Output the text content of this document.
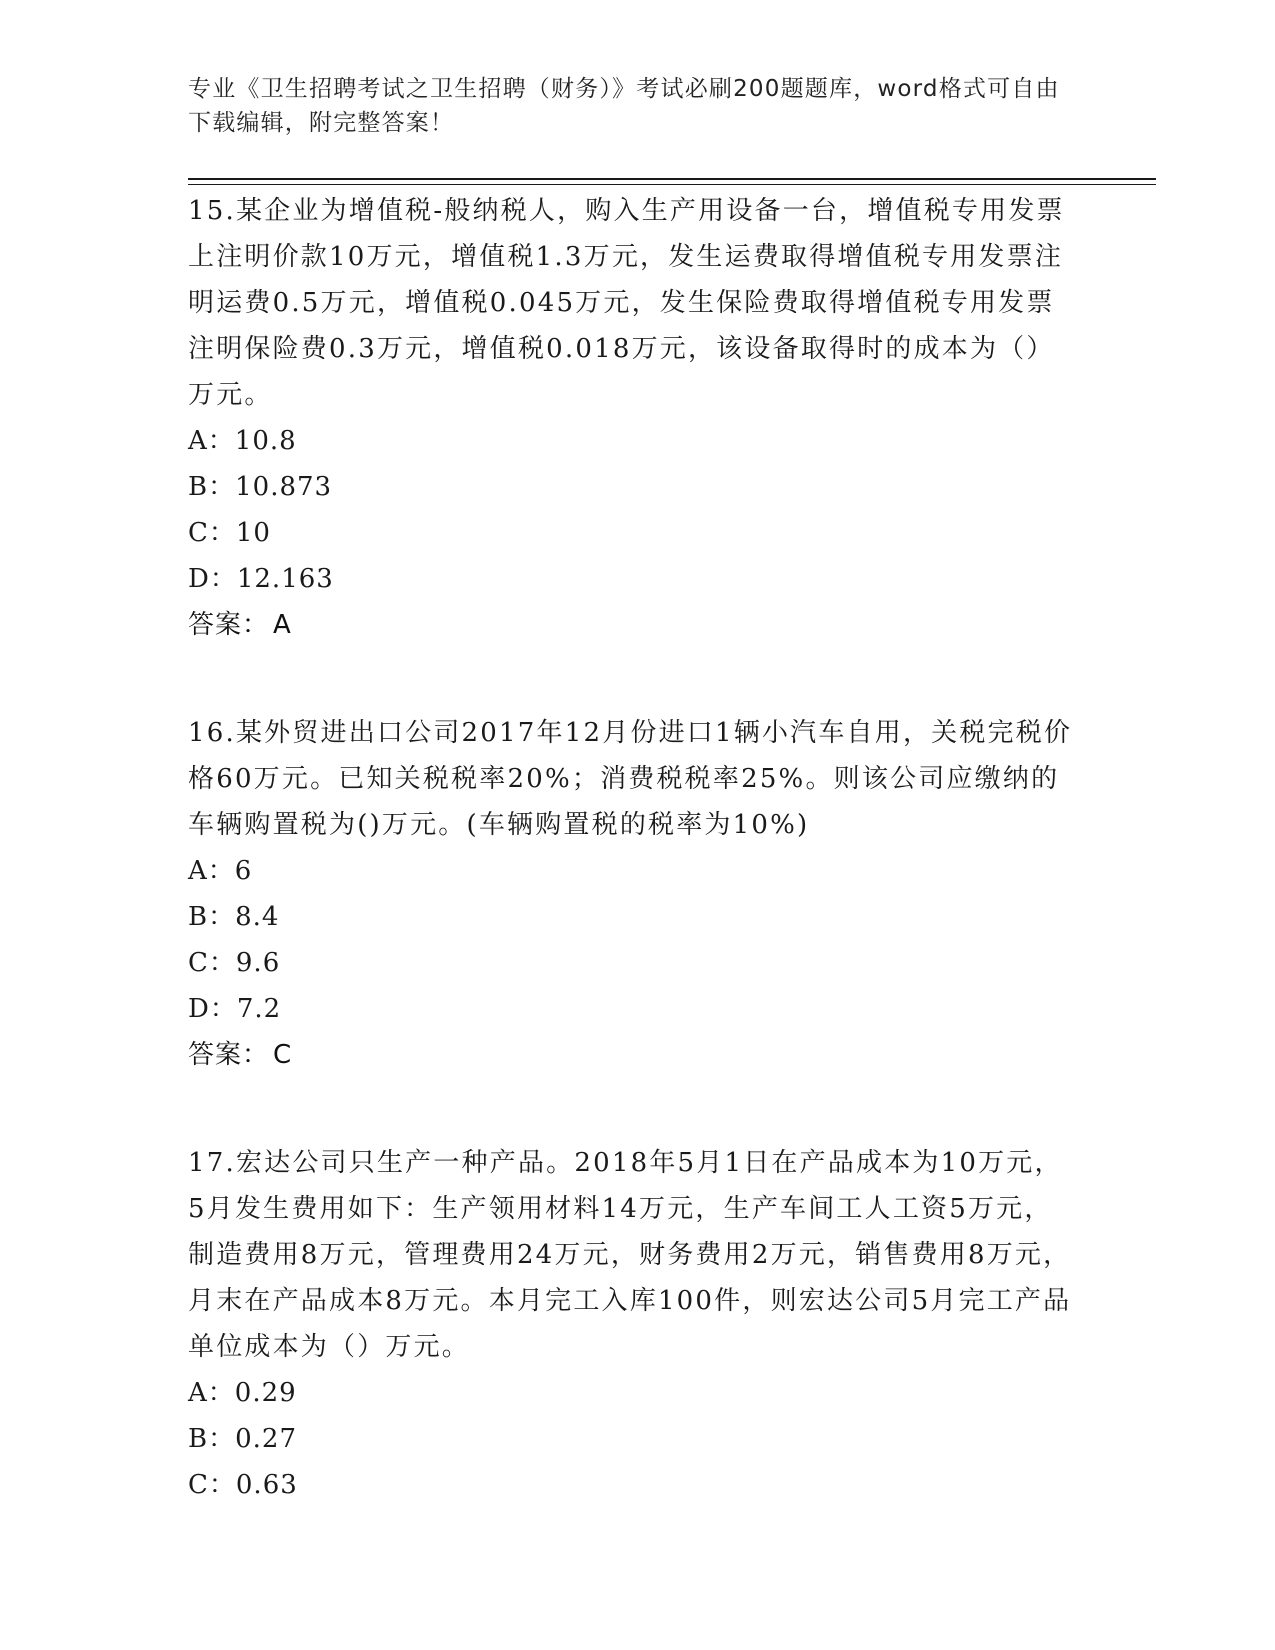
专业《卫生招聘考试之卫生招聘（财务）》考试必刷200题题库，word格式可自由下载编辑，附完整答案！

15.某企业为增值税-般纳税人，购入生产用设备一台，增值税专用发票上注明价款10万元，增值税1.3万元，发生运费取得增值税专用发票注明运费0.5万元，增值税0.045万元，发生保险费取得增值税专用发票注明保险费0.3万元，增值税0.018万元，该设备取得时的成本为（）万元。

A：10.8

B：10.873

C：10

D：12.163

答案： A

16.某外贸进出口公司2017年12月份进口1辆小汽车自用，关税完税价格60万元。已知关税税率20%；消费税税率25%。则该公司应缴纳的车辆购置税为()万元。(车辆购置税的税率为10%)

A：6

B：8.4

C：9.6

D：7.2

答案： C

17.宏达公司只生产一种产品。2018年5月1日在产品成本为10万元，5月发生费用如下：生产领用材料14万元，生产车间工人工资5万元，制造费用8万元，管理费用24万元，财务费用2万元，销售费用8万元，月末在产品成本8万元。本月完工入库100件，则宏达公司5月完工产品单位成本为（）万元。

A：0.29

B：0.27

C：0.63
